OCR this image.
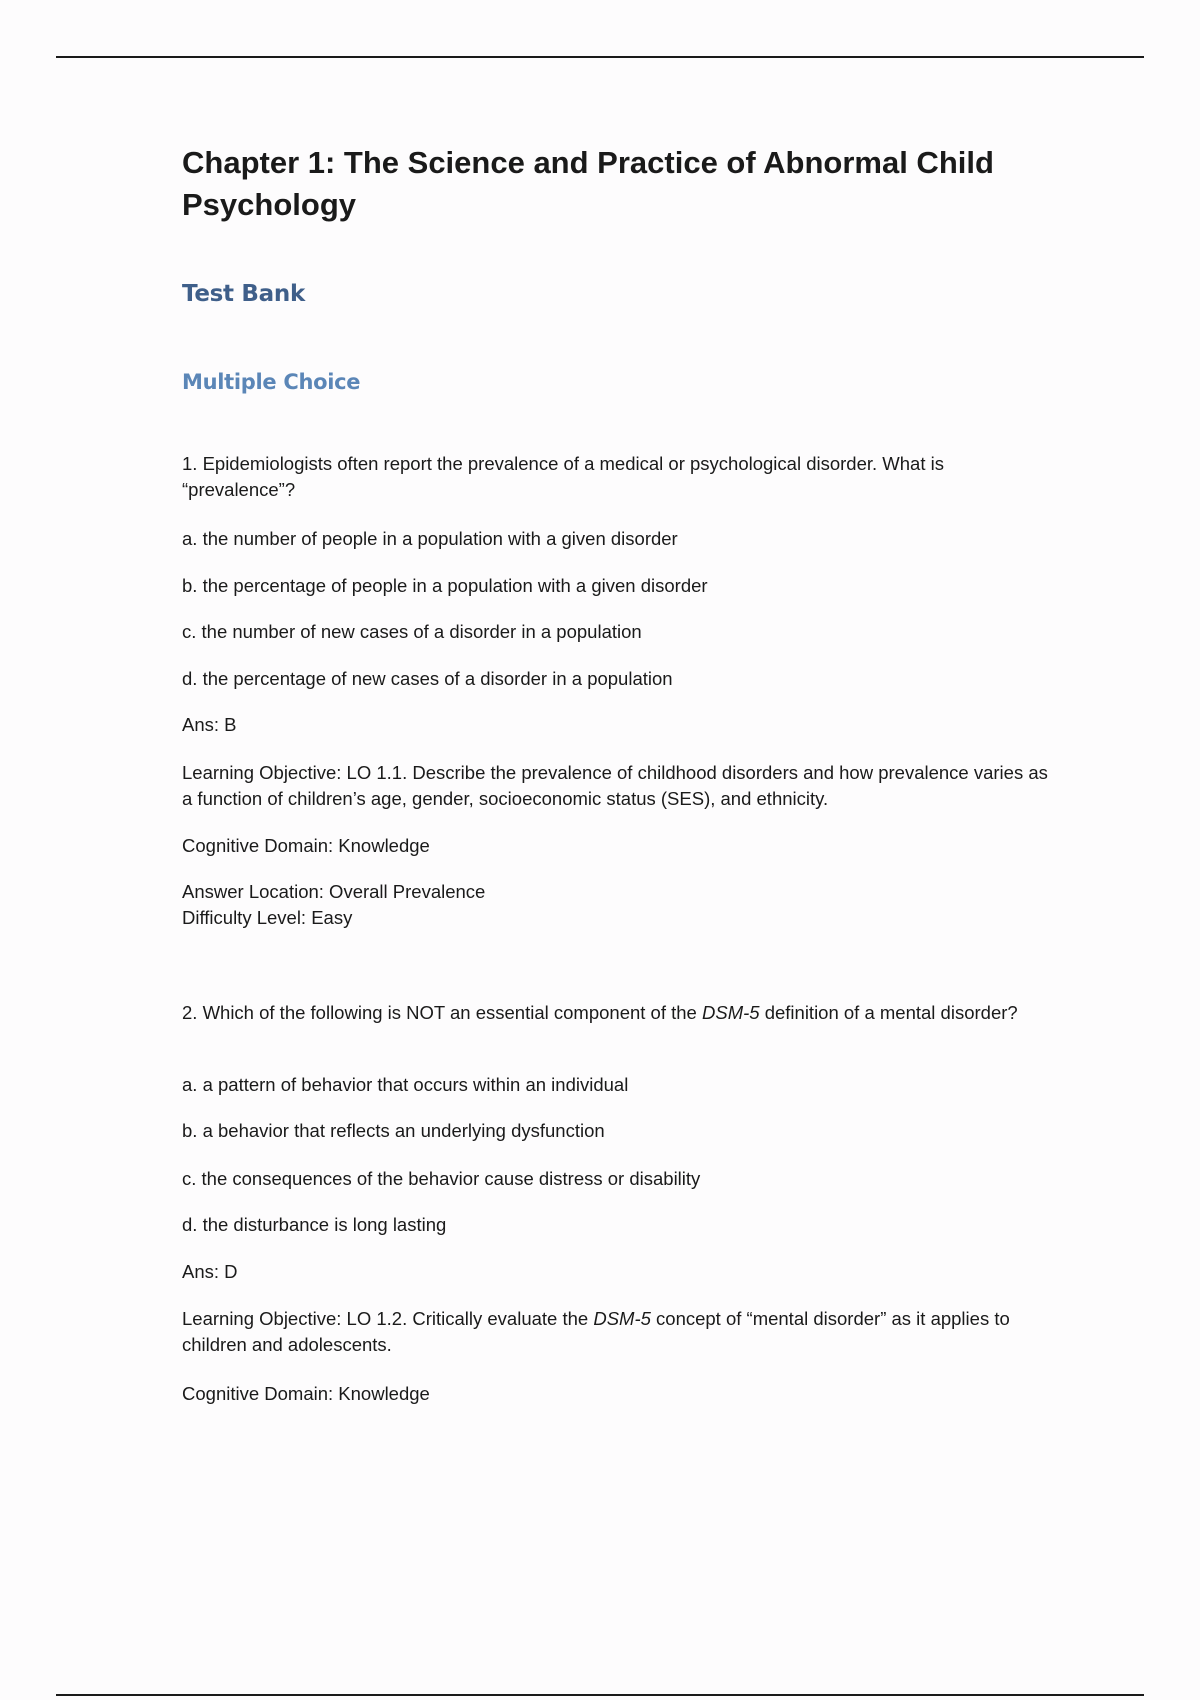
Chapter 1: The Science and Practice of Abnormal Child Psychology
Test Bank
Multiple Choice

1. Epidemiologists often report the prevalence of a medical or psychological disorder. What is “prevalence”?

a. the number of people in a population with a given disorder

b. the percentage of people in a population with a given disorder

c. the number of new cases of a disorder in a population

d. the percentage of new cases of a disorder in a population

Ans: B

Learning Objective: LO 1.1. Describe the prevalence of childhood disorders and how prevalence varies as a function of children’s age, gender, socioeconomic status (SES), and ethnicity.

Cognitive Domain: Knowledge

Answer Location: Overall Prevalence

Difficulty Level: Easy

2. Which of the following is NOT an essential component of the DSM-5 definition of a mental disorder?

a. a pattern of behavior that occurs within an individual

b. a behavior that reflects an underlying dysfunction

c. the consequences of the behavior cause distress or disability

d. the disturbance is long lasting

Ans: D

Learning Objective: LO 1.2. Critically evaluate the DSM-5 concept of “mental disorder” as it applies to children and adolescents.

Cognitive Domain: Knowledge
